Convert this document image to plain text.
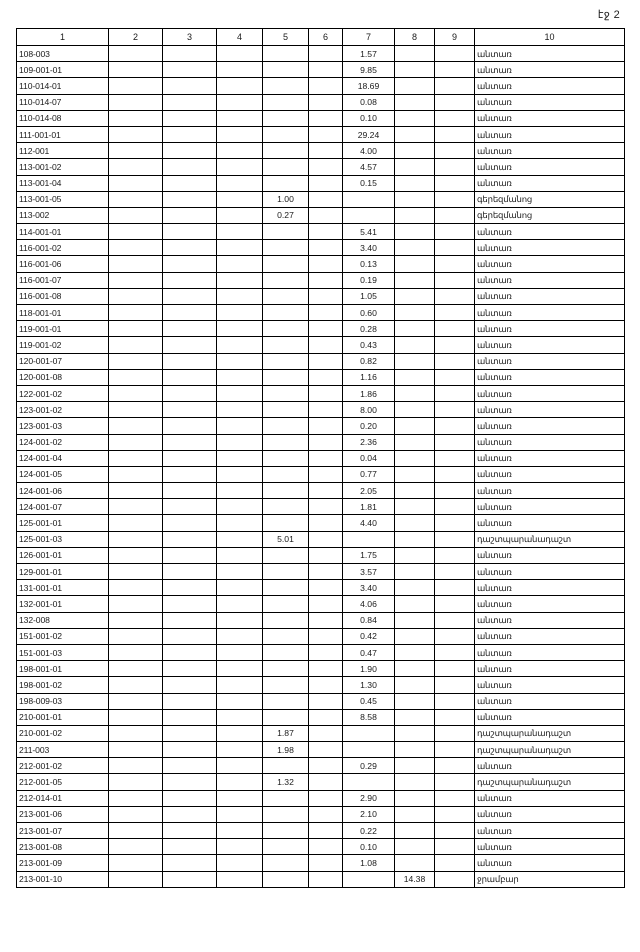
էջ 2
1	2	3	4	5	6	7	8	9	10
108-003						1.57			անտառ
109-001-01						9.85			անտառ
110-014-01						18.69			անտառ
110-014-07						0.08			անտառ
110-014-08						0.10			անտառ
111-001-01						29.24			անտառ
112-001						4.00			անտառ
113-001-02						4.57			անտառ
113-001-04						0.15			անտառ
113-001-05				1.00					գերեզմանոց
113-002				0.27					գերեզմանոց
114-001-01						5.41			անտառ
116-001-02						3.40			անտառ
116-001-06						0.13			անտառ
116-001-07						0.19			անտառ
116-001-08						1.05			անտառ
118-001-01						0.60			անտառ
119-001-01						0.28			անտառ
119-001-02						0.43			անտառ
120-001-07						0.82			անտառ
120-001-08						1.16			անտառ
122-001-02						1.86			անտառ
123-001-02						8.00			անտառ
123-001-03						0.20			անտառ
124-001-02						2.36			անտառ
124-001-04						0.04			անտառ
124-001-05						0.77			անտառ
124-001-06						2.05			անտառ
124-001-07						1.81			անտառ
125-001-01						4.40			անտառ
125-001-03				5.01					դաշտպարանադաշտ
126-001-01						1.75			անտառ
129-001-01						3.57			անտառ
131-001-01						3.40			անտառ
132-001-01						4.06			անտառ
132-008						0.84			անտառ
151-001-02						0.42			անտառ
151-001-03						0.47			անտառ
198-001-01						1.90			անտառ
198-001-02						1.30			անտառ
198-009-03						0.45			անտառ
210-001-01						8.58			անտառ
210-001-02				1.87					դաշտպարանադաշտ
211-003				1.98					դաշտպարանադաշտ
212-001-02						0.29			անտառ
212-001-05				1.32					դաշտպարանադաշտ
212-014-01						2.90			անտառ
213-001-06						2.10			անտառ
213-001-07						0.22			անտառ
213-001-08						0.10			անտառ
213-001-09						1.08			անտառ
213-001-10							14.38		ջրամբար
